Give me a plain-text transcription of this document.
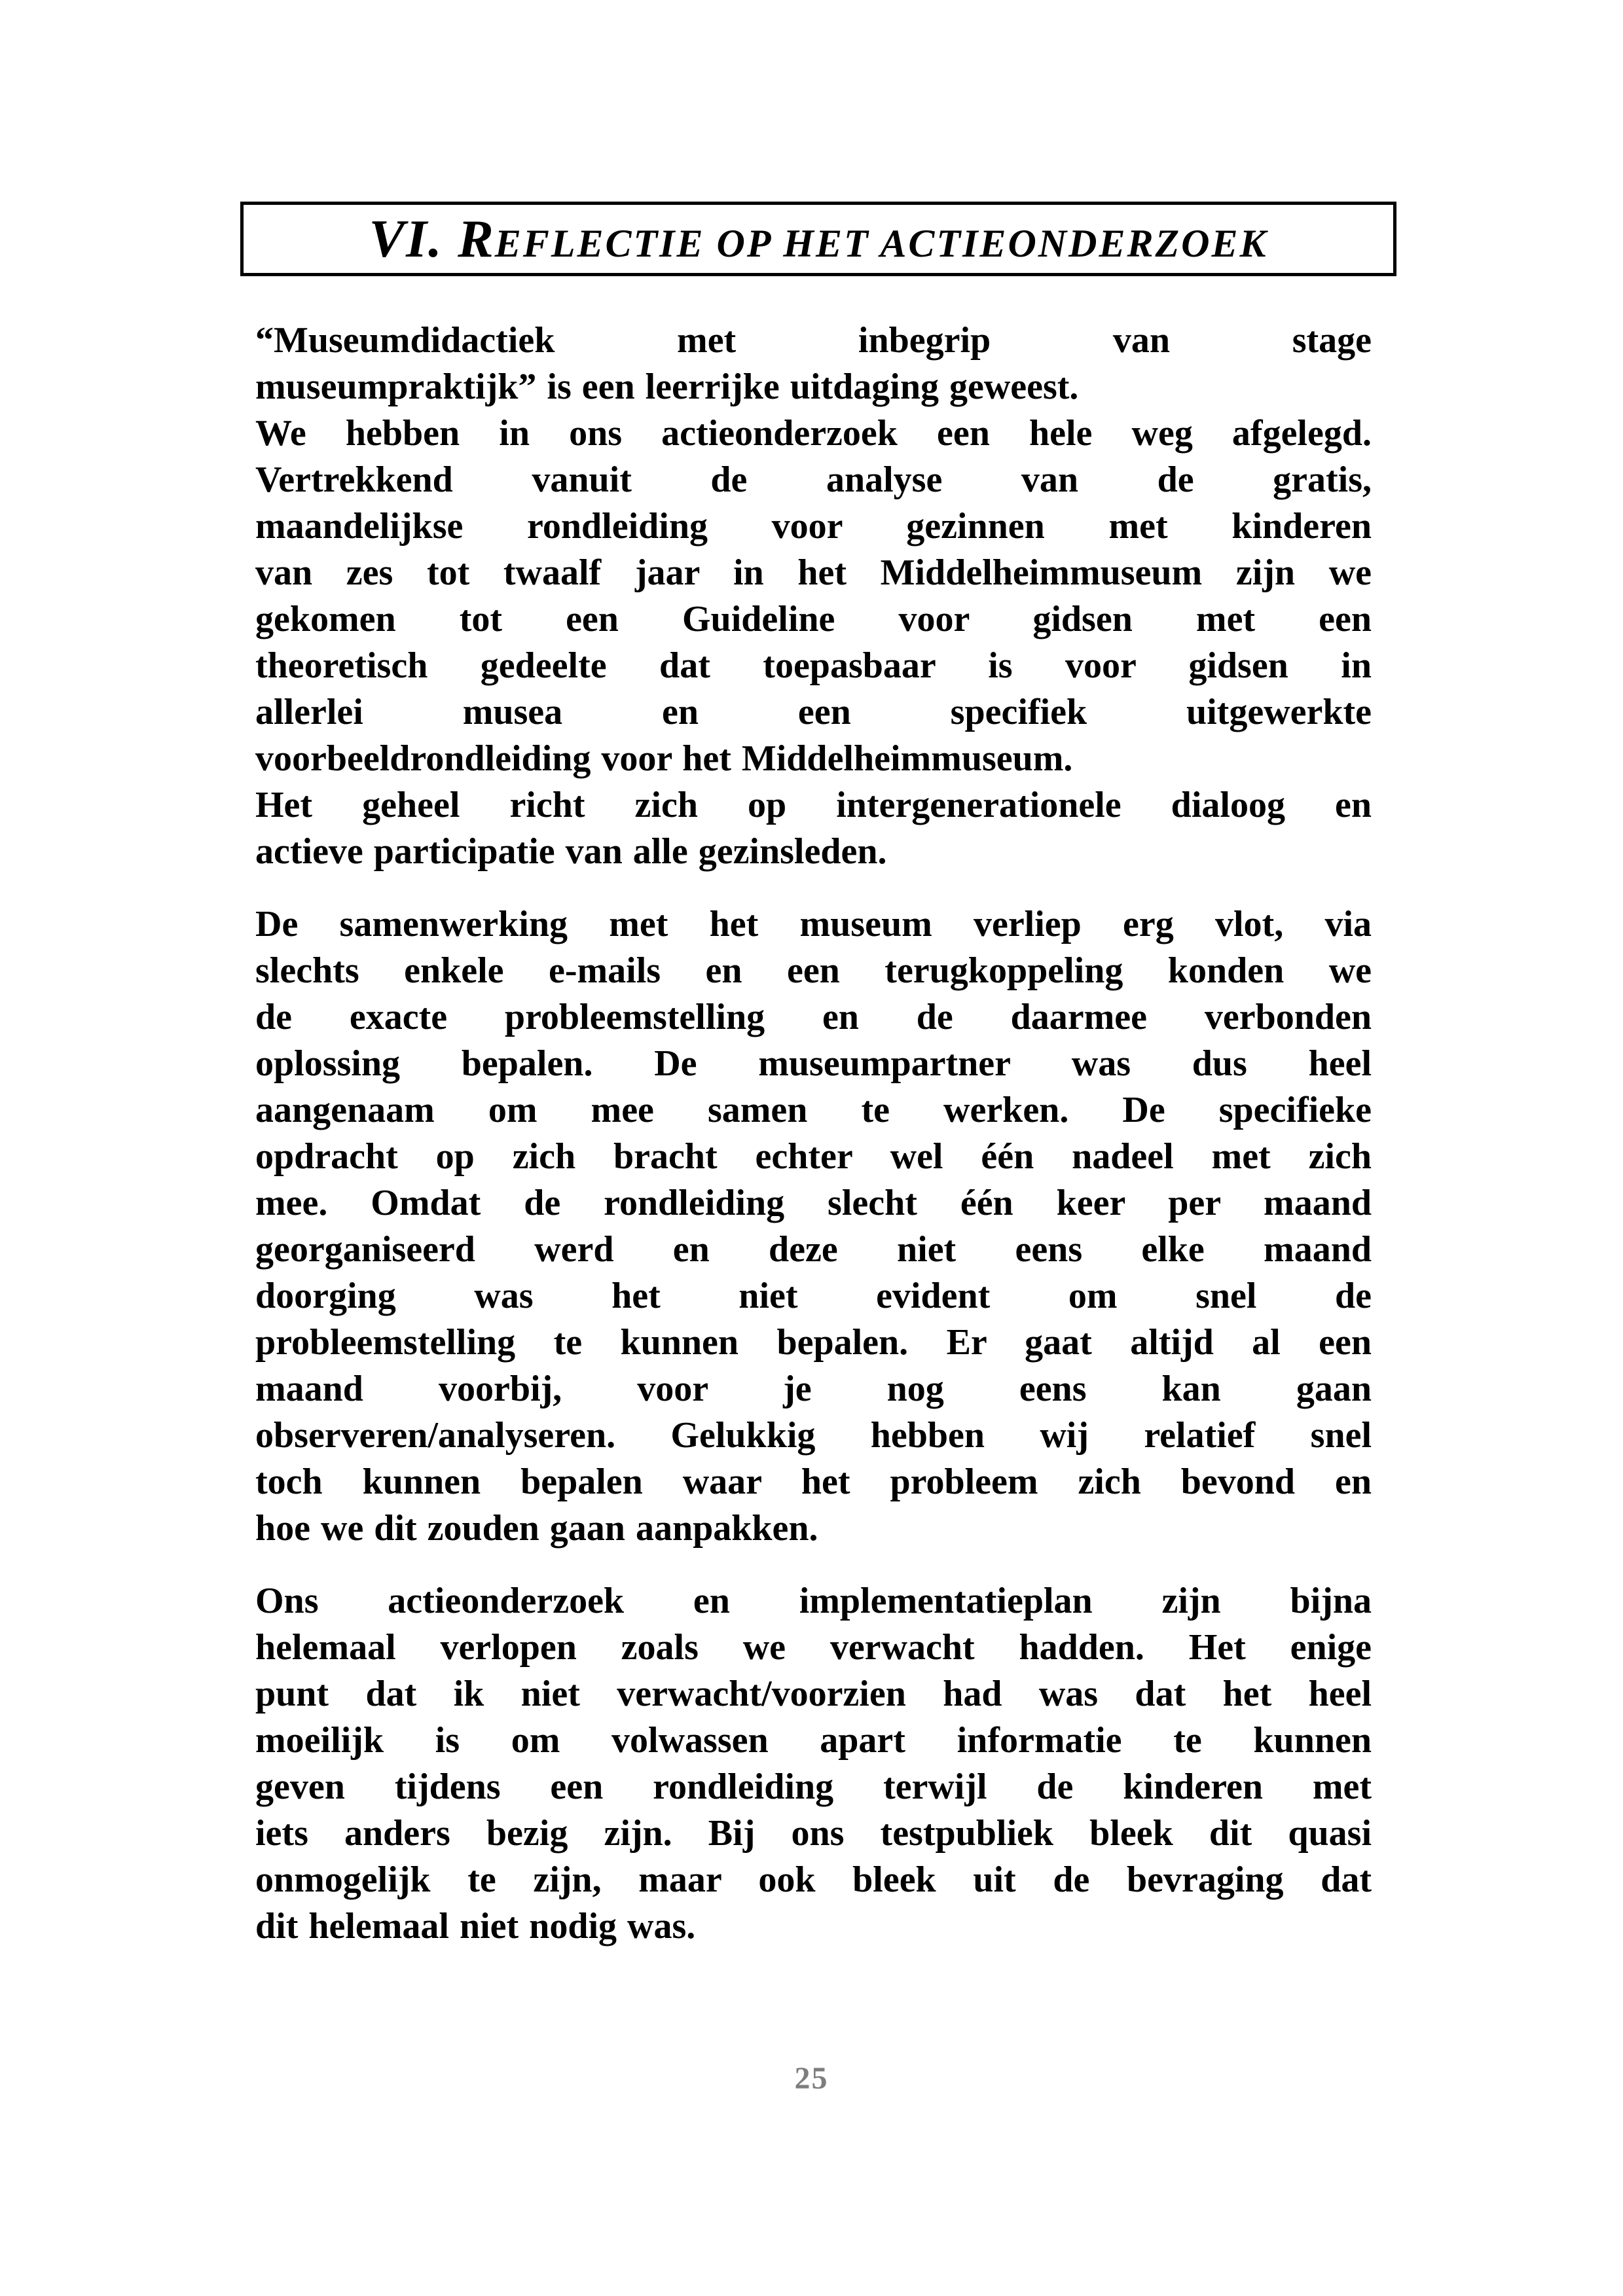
VI. REFLECTIE OP HET ACTIEONDERZOEK
“Museumdidactiek met inbegrip van stage
museumpraktijk” is een leerrijke uitdaging geweest.
We hebben in ons actieonderzoek een hele weg afgelegd.
Vertrekkend vanuit de analyse van de gratis,
maandelijkse rondleiding voor gezinnen met kinderen
van zes tot twaalf jaar in het Middelheimmuseum zijn we
gekomen tot een Guideline voor gidsen met een
theoretisch gedeelte dat toepasbaar is voor gidsen in
allerlei musea en een specifiek uitgewerkte
voorbeeldrondleiding voor het Middelheimmuseum.
Het geheel richt zich op intergenerationele dialoog en
actieve participatie van alle gezinsleden.
De samenwerking met het museum verliep erg vlot, via
slechts enkele e-mails en een terugkoppeling konden we
de exacte probleemstelling en de daarmee verbonden
oplossing bepalen. De museumpartner was dus heel
aangenaam om mee samen te werken. De specifieke
opdracht op zich bracht echter wel één nadeel met zich
mee. Omdat de rondleiding slecht één keer per maand
georganiseerd werd en deze niet eens elke maand
doorging was het niet evident om snel de
probleemstelling te kunnen bepalen. Er gaat altijd al een
maand voorbij, voor je nog eens kan gaan
observeren/analyseren. Gelukkig hebben wij relatief snel
toch kunnen bepalen waar het probleem zich bevond en
hoe we dit zouden gaan aanpakken.
Ons actieonderzoek en implementatieplan zijn bijna
helemaal verlopen zoals we verwacht hadden. Het enige
punt dat ik niet verwacht/voorzien had was dat het heel
moeilijk is om volwassen apart informatie te kunnen
geven tijdens een rondleiding terwijl de kinderen met
iets anders bezig zijn. Bij ons testpubliek bleek dit quasi
onmogelijk te zijn, maar ook bleek uit de bevraging dat
dit helemaal niet nodig was.
25
